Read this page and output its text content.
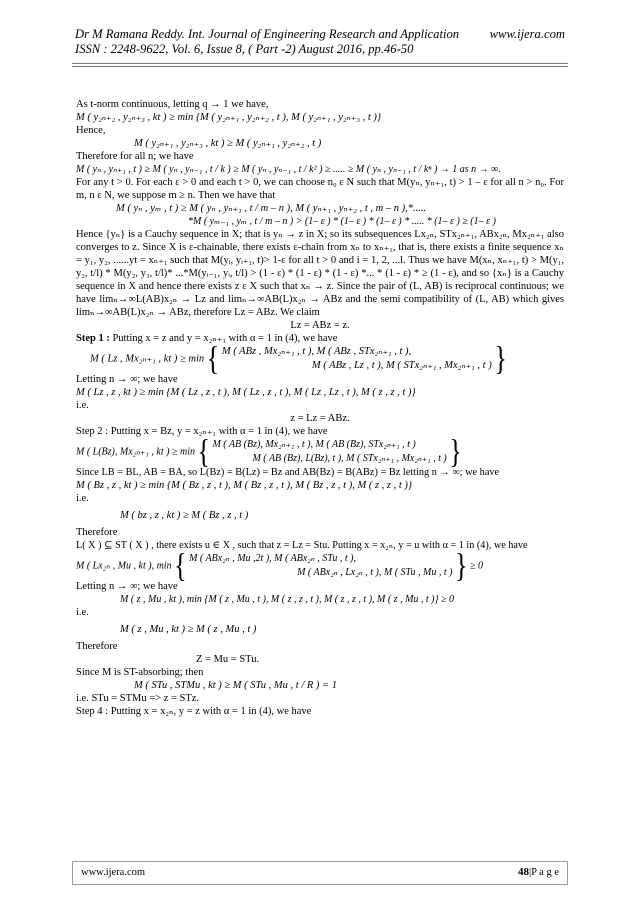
Dr M Ramana Reddy. Int. Journal of Engineering Research and Application	www.ijera.com
ISSN : 2248-9622, Vol. 6, Issue 8, ( Part -2) August 2016, pp.46-50
As t-norm continuous, letting q → 1 we have,
M ( y₂ₙ₊₂ , y₂ₙ₊₃ , kt ) ≥ min {M ( y₂ₙ₊₁ , y₂ₙ₊₂ , t ), M ( y₂ₙ₊₁ , y₂ₙ₊₃ , t )}
Hence,
M ( y₂ₙ₊₁ , y₂ₙ₊₃ , kt ) ≥ M ( y₂ₙ₊₁ , y₂ₙ₊₂ , t )
Therefore for all n; we have
M ( yₙ , yₙ₊₁ , t ) ≥ M ( yₙ , yₙ₋₁ , t / k ) ≥ M ( yₙ , yₙ₋₁ , t / k² ) ≥ ..... ≥ M ( yₙ , yₙ₋₁ , t / kⁿ ) → 1 as n → ∞.
For any t > 0. For each ε > 0 and each t > 0, we can choose n₀ ε N such that M(yₙ, yₙ₊₁, t) > 1 – ε for all n > n₀. For m, n ε N, we suppose m ≥ n. Then we have that
M ( yₙ , yₘ , t ) ≥ M ( yₙ , yₙ₊₁ , t / m – n ), M ( yₙ₊₁ , yₙ₊₂ , t , m – n ),*.....
*M ( yₘ₋₁ , yₘ , t / m – n ) > (1– ε ) * (1– ε ) * (1– ε ) * ..... * (1– ε ) ≥ (1– ε )
Hence {yₙ} is a Cauchy sequence in X; that is yₙ → z in X; so its subsequences Lx₂ₙ, STx₂ₙ₊₁, ABx₂ₙ, Mx₂ₙ₊₁ also converges to z. Since X is ε-chainable, there exists ε-chain from xₙ to xₙ₊₁, that is, there exists a finite sequence xₙ = y₁, y₂, ......yt = xₙ₊₁ such that M(yᵢ, yᵢ₊₁, t)> 1-ε for all t > 0 and i = 1, 2, ...l. Thus we have M(xₙ, xₙ₊₁, t) > M(y₁, y₂, t/l) * M(y₂, y₃, t/l)* ...*M(yᵢ₋₁, yᵢ, t/l) > (1 - ε) * (1 - ε) * (1 - ε) *... * (1 - ε) * ≥ (1 - ε), and so {xₙ} is a Cauchy sequence in X and hence there exists z ε X such that xₙ → z. Since the pair of (L, AB) is reciprocal continuous; we have limₙ→∞L(AB)x₂ₙ → Lz and limₙ→∞AB(L)x₂ₙ → ABz and the semi compatibility of (L, AB) which gives limₙ→∞AB(L)x₂ₙ → ABz, therefore Lz = ABz. We claim
Lz = ABz = z.
Step 1 : Putting x = z and y = x₂ₙ₊₁ with α = 1 in (4), we have
M ( Lz , Mx₂ₙ₊₁ , kt ) ≥ min { M ( ABz , Mx₂ₙ₊₁ , t ), M ( ABz , STx₂ₙ₊₁ , t ),
M ( ABz , Lz , t ), M ( STx₂ₙ₊₁ , Mx₂ₙ₊₁ , t ) }
Letting n → ∞; we have
M ( Lz , z , kt ) ≥ min {M ( Lz , z , t ), M ( Lz , z , t ), M ( Lz , Lz , t ), M ( z , z , t )}
i.e.
z = Lz = ABz.
Step 2 : Putting x = Bz, y = x₂ₙ₊₁ with α = 1 in (4), we have
M ( L(Bz), Mx₂ₙ₊₁ , kt ) ≥ min { M ( AB (Bz), Mx₂ₙ₊₁ , t ), M ( AB (Bz), STx₂ₙ₊₁ , t )
M ( AB (Bz), L(Bz), t ), M ( STx₂ₙ₊₁ , Mx₂ₙ₊₁ , t ) }
Since LB = BL, AB = BA, so L(Bz) = B(Lz) = Bz and AB(Bz) = B(ABz) = Bz letting n → ∞; we have
M ( Bz , z , kt ) ≥ min {M ( Bz , z , t ), M ( Bz , z , t ), M ( Bz , z , t ), M ( z , z , t )}
i.e.
M ( bz , z , kt ) ≥ M ( Bz , z , t )
Therefore
L( X ) ⊆ ST ( X ) , there exists u ∈ X , such that z = Lz = Stu. Putting x = x₂ₙ, y = u with α = 1 in (4), we have
M ( Lx₂ₙ , Mu , kt ), min { M ( ABx₂ₙ , Mu ,2t ), M ( ABx₂ₙ , STu , t ),
M ( ABx₂ₙ , Lx₂ₙ , t ), M ( STu , Mu , t ) } ≥ 0
Letting n → ∞; we have
M ( z , Mu , kt ), min {M ( z , Mu , t ), M ( z , z , t ), M ( z , z , t ), M ( z , Mu , t )} ≥ 0
i.e.
M ( z , Mu , kt ) ≥ M ( z , Mu , t )
Therefore
Z = Mu = STu.
Since M is ST-absorbing; then
M ( STu , STMu , kt ) ≥ M ( STu , Mu , t / R ) = 1
i.e. STu = STMu => z = STz.
Step 4 : Putting x = x₂ₙ, y = z with α = 1 in (4), we have
www.ijera.com	48|P a g e
